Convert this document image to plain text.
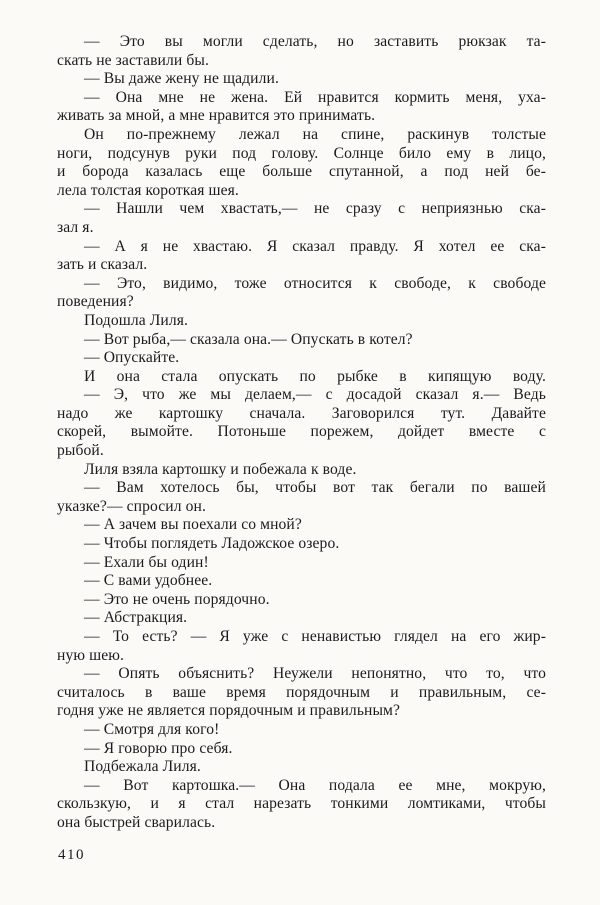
— Это вы могли сделать, но заставить рюкзак та-
скать не заставили бы.
— Вы даже жену не щадили.
— Она мне не жена. Ей нравится кормить меня, уха-
живать за мной, а мне нравится это принимать.
Он по-прежнему лежал на спине, раскинув толстые
ноги, подсунув руки под голову. Солнце било ему в лицо,
и борода казалась еще больше спутанной, а под ней бе-
лела толстая короткая шея.
— Нашли чем хвастать,— не сразу с неприязнью ска-
зал я.
— А я не хвастаю. Я сказал правду. Я хотел ее ска-
зать и сказал.
— Это, видимо, тоже относится к свободе, к свободе
поведения?
Подошла Лиля.
— Вот рыба,— сказала она.— Опускать в котел?
— Опускайте.
И она стала опускать по рыбке в кипящую воду.
— Э, что же мы делаем,— с досадой сказал я.— Ведь
надо же картошку сначала. Заговорился тут. Давайте
скорей, вымойте. Потоньше порежем, дойдет вместе с
рыбой.
Лиля взяла картошку и побежала к воде.
— Вам хотелось бы, чтобы вот так бегали по вашей
указке?— спросил он.
— А зачем вы поехали со мной?
— Чтобы поглядеть Ладожское озеро.
— Ехали бы один!
— С вами удобнее.
— Это не очень порядочно.
— Абстракция.
— То есть? — Я уже с ненавистью глядел на его жир-
ную шею.
— Опять объяснить? Неужели непонятно, что то, что
считалось в ваше время порядочным и правильным, се-
годня уже не является порядочным и правильным?
— Смотря для кого!
— Я говорю про себя.
Подбежала Лиля.
— Вот картошка.— Она подала ее мне, мокрую,
скользкую, и я стал нарезать тонкими ломтиками, чтобы
она быстрей сварилась.
410
